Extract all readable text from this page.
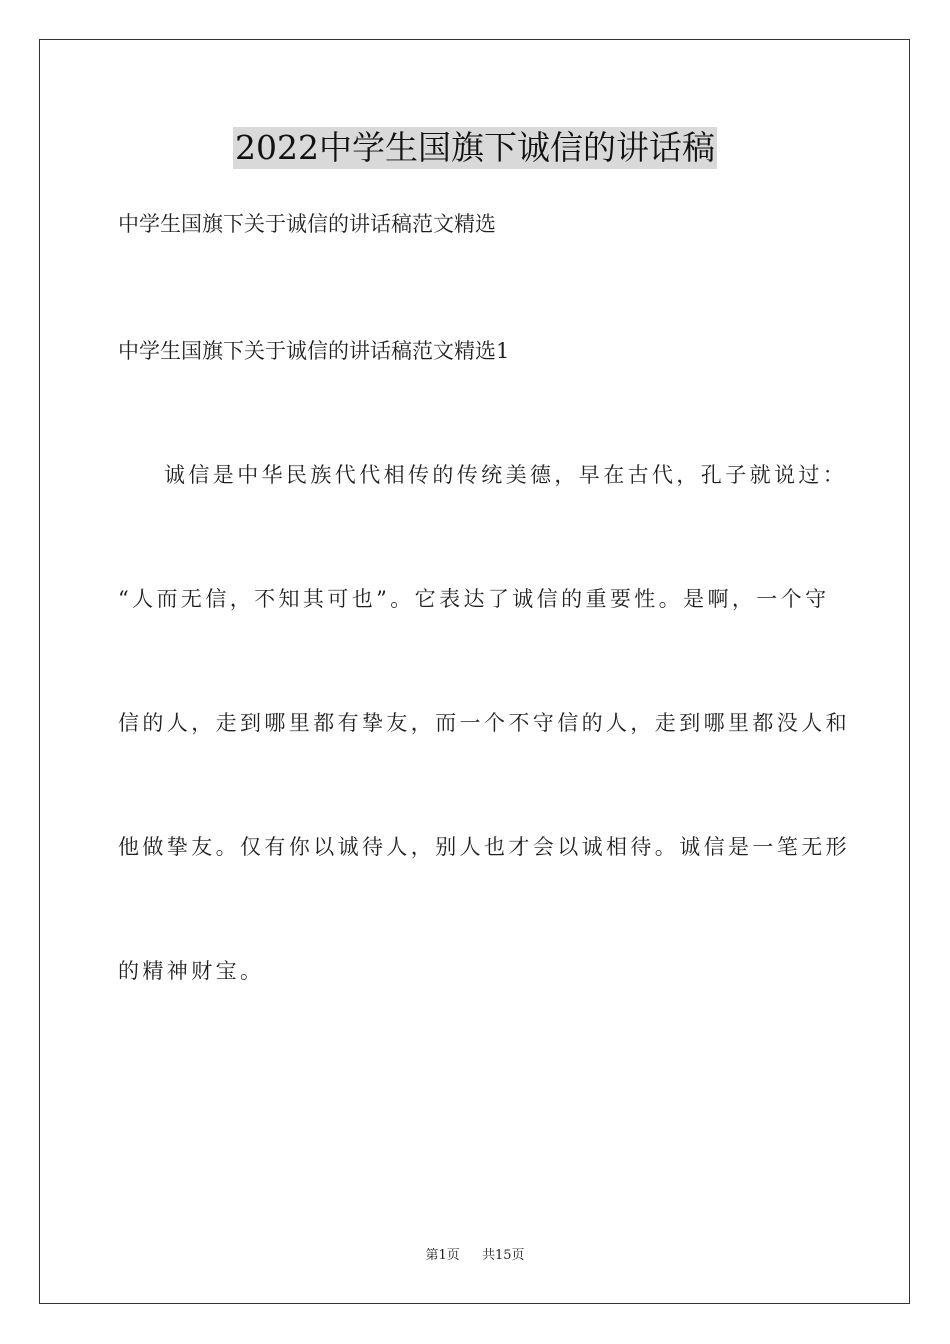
2022中学生国旗下诚信的讲话稿
中学生国旗下关于诚信的讲话稿范文精选
中学生国旗下关于诚信的讲话稿范文精选1
诚信是中华民族代代相传的传统美德，早在古代，孔子就说过：
“人而无信，不知其可也”。它表达了诚信的重要性。是啊，一个守
信的人，走到哪里都有挚友，而一个不守信的人，走到哪里都没人和
他做挚友。仅有你以诚待人，别人也才会以诚相待。诚信是一笔无形
的精神财宝。
第1页 共15页
